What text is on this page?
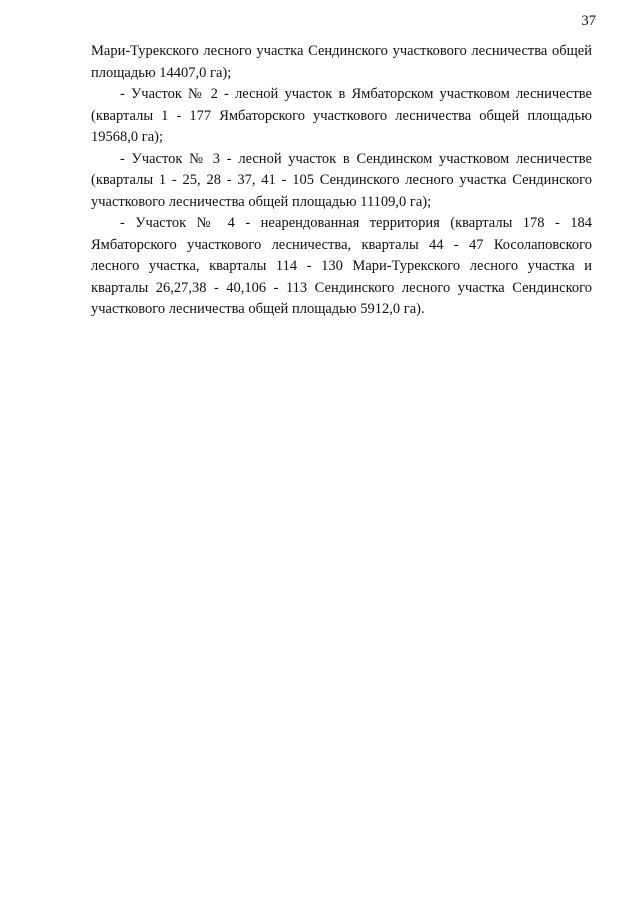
37

Мари-Турекского лесного участка Сендинского участкового лесничества общей площадью 14407,0 га);

- Участок № 2 - лесной участок в Ямбаторском участковом лесничестве (кварталы 1 - 177 Ямбаторского участкового лесничества общей площадью 19568,0 га);

- Участок № 3 - лесной участок в Сендинском участковом лесничестве (кварталы 1 - 25, 28 - 37, 41 - 105 Сендинского лесного участка Сендинского участкового лесничества общей площадью 11109,0 га);

- Участок № 4 - неарендованная территория (кварталы 178 - 184 Ямбаторского участкового лесничества, кварталы 44 - 47 Косолаповского лесного участка, кварталы 114 - 130 Мари-Турекского лесного участка и кварталы 26,27,38 - 40,106 - 113 Сендинского лесного участка Сендинского участкового лесничества общей площадью 5912,0 га).
